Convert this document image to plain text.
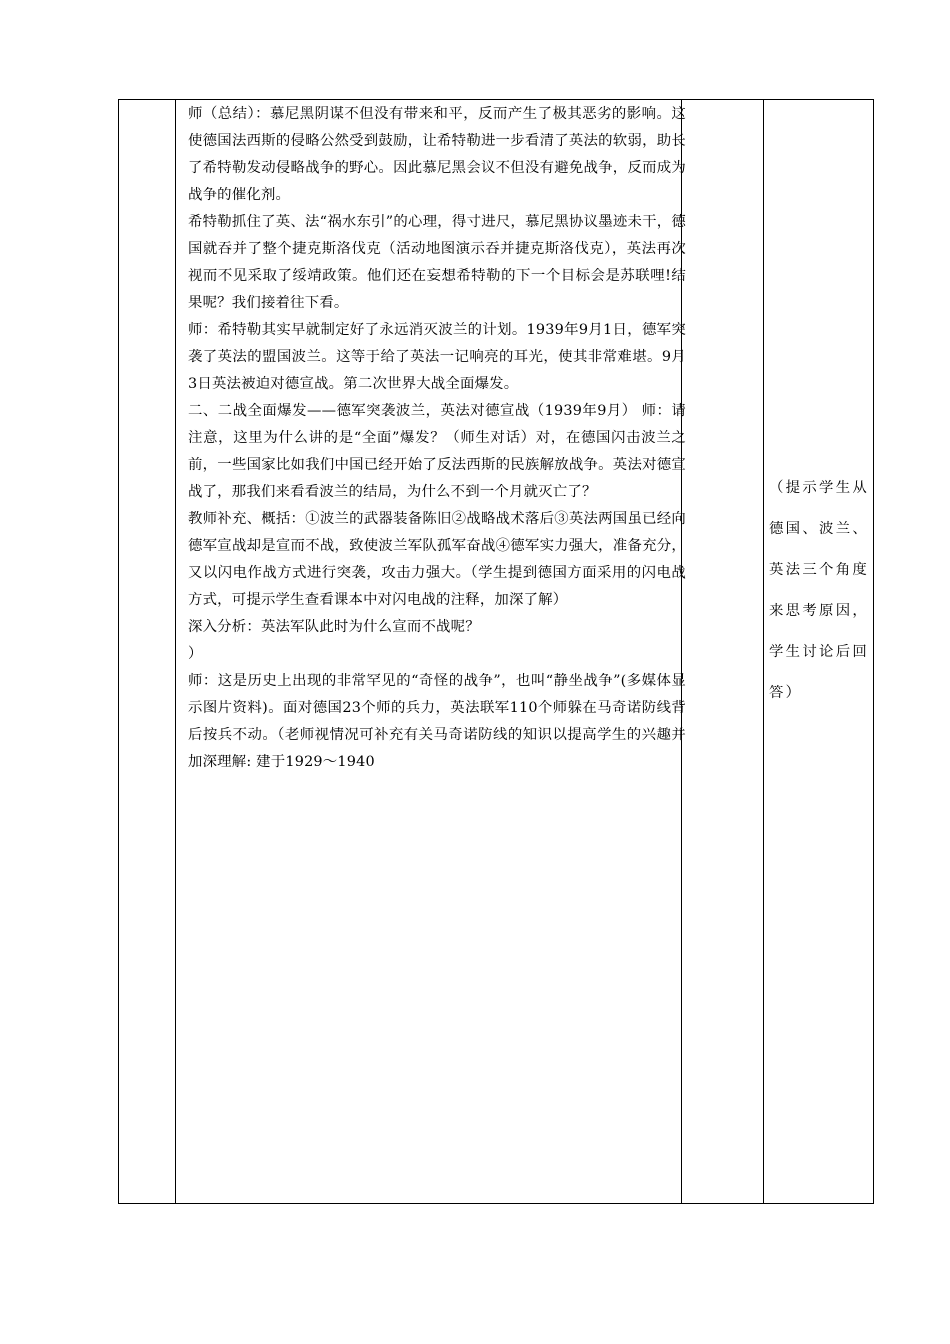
师（总结）：慕尼黑阴谋不但没有带来和平，反而产生了极其恶劣的影响。这使德国法西斯的侵略公然受到鼓励，让希特勒进一步看清了英法的软弱，助长了希特勒发动侵略战争的野心。因此慕尼黑会议不但没有避免战争，反而成为战争的催化剂。

希特勒抓住了英、法“祸水东引”的心理，得寸进尺，慕尼黑协议墨迹未干，德国就吞并了整个捷克斯洛伐克（活动地图演示吞并捷克斯洛伐克），英法再次视而不见采取了绥靖政策。他们还在妄想希特勒的下一个目标会是苏联哩!结果呢？我们接着往下看。

师：希特勒其实早就制定好了永远消灭波兰的计划。1939年9月1日，德军突袭了英法的盟国波兰。这等于给了英法一记响亮的耳光，使其非常难堪。9月3日英法被迫对德宣战。第二次世界大战全面爆发。

二、二战全面爆发——德军突袭波兰，英法对德宣战（1939年9月） 师：请注意，这里为什么讲的是“全面”爆发？（师生对话）对，在德国闪击波兰之前，一些国家比如我们中国已经开始了反法西斯的民族解放战争。英法对德宣战了，那我们来看看波兰的结局，为什么不到一个月就灭亡了？

教师补充、概括：①波兰的武器装备陈旧②战略战术落后③英法两国虽已经向德军宣战却是宣而不战，致使波兰军队孤军奋战④德军实力强大，准备充分，又以闪电作战方式进行突袭，攻击力强大。（学生提到德国方面采用的闪电战方式，可提示学生查看课本中对闪电战的注释，加深了解）

深入分析：英法军队此时为什么宣而不战呢？

）

师：这是历史上出现的非常罕见的“奇怪的战争”，也叫“静坐战争”(多媒体显示图片资料)。面对德国23个师的兵力，英法联军110个师躲在马奇诺防线背后按兵不动。（老师视情况可补充有关马奇诺防线的知识以提高学生的兴趣并加深理解: 建于1929～1940

（提示学生从德国、波兰、英法三个角度来思考原因，学生讨论后回答）
